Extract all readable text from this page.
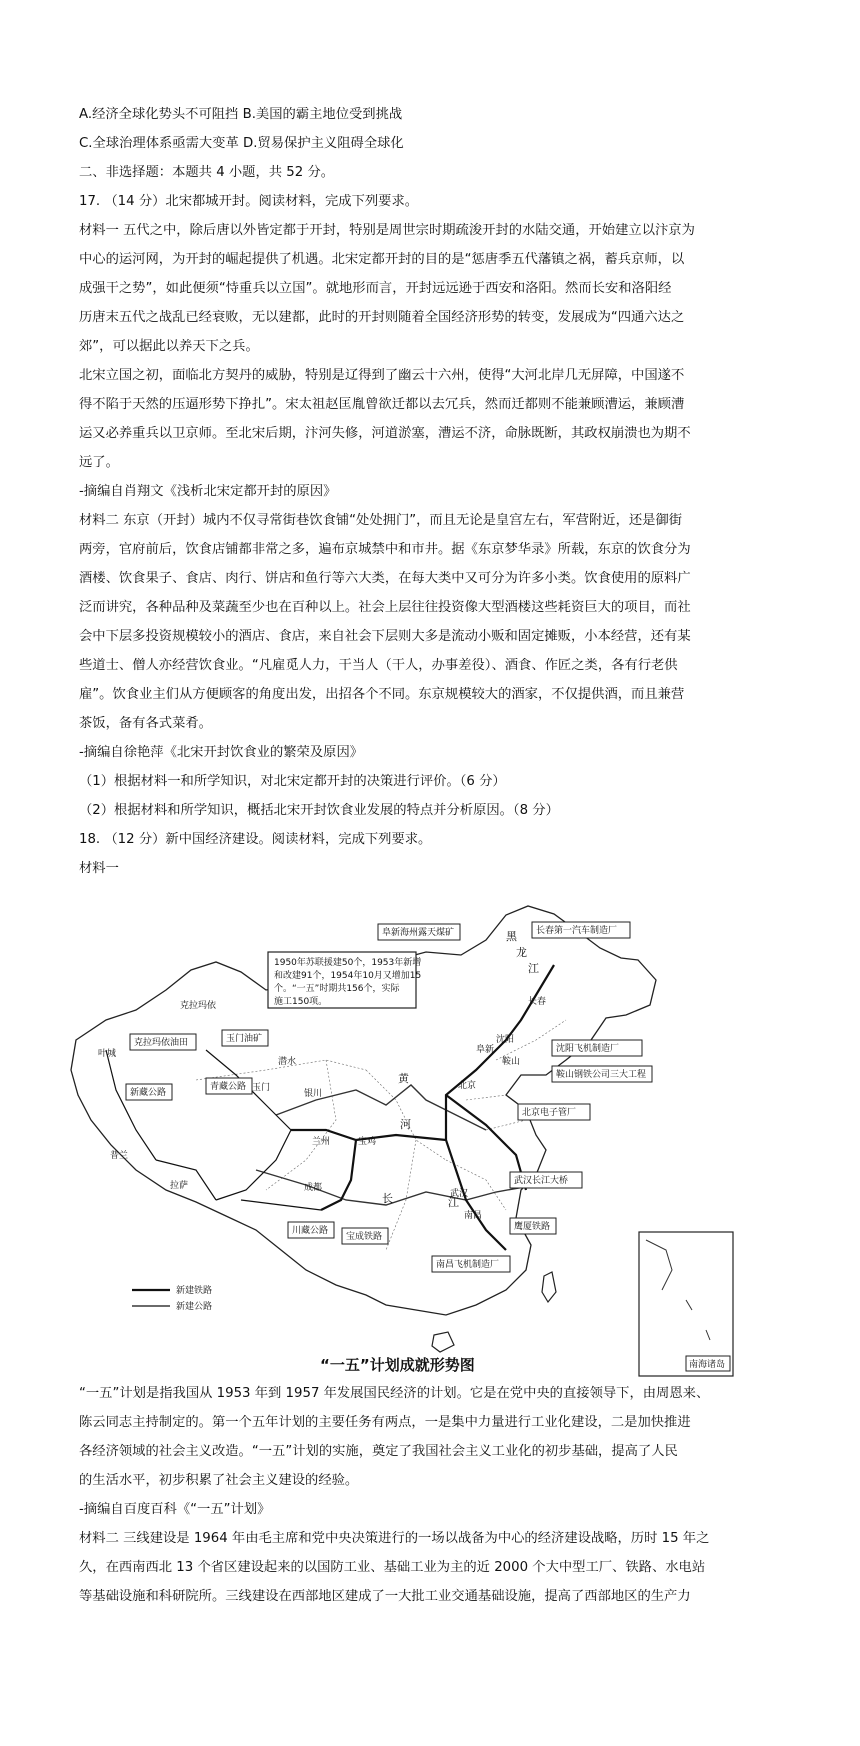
A.经济全球化势头不可阻挡 B.美国的霸主地位受到挑战
C.全球治理体系亟需大变革 D.贸易保护主义阻碍全球化
二、非选择题：本题共 4 小题，共 52 分。
17. （14 分）北宋都城开封。阅读材料，完成下列要求。
材料一 五代之中，除后唐以外皆定都于开封，特别是周世宗时期疏浚开封的水陆交通，开始建立以汴京为
中心的运河网，为开封的崛起提供了机遇。北宋定都开封的目的是“惩唐季五代藩镇之祸，蓄兵京师，以
成强干之势”，如此便须“恃重兵以立国”。就地形而言，开封远远逊于西安和洛阳。然而长安和洛阳经
历唐末五代之战乱已经衰败，无以建都，此时的开封则随着全国经济形势的转变，发展成为“四通六达之
郊”，可以据此以养天下之兵。
北宋立国之初，面临北方契丹的威胁，特别是辽得到了幽云十六州，使得“大河北岸几无屏障，中国遂不
得不陷于天然的压逼形势下挣扎”。宋太祖赵匡胤曾欲迁都以去冗兵，然而迁都则不能兼顾漕运，兼顾漕
运又必养重兵以卫京师。至北宋后期，汴河失修，河道淤塞，漕运不济，命脉既断，其政权崩溃也为期不
远了。
-摘编自肖翔文《浅析北宋定都开封的原因》
材料二 东京（开封）城内不仅寻常街巷饮食铺“处处拥门”，而且无论是皇宫左右，军营附近，还是御街
两旁，官府前后，饮食店铺都非常之多，遍布京城禁中和市井。据《东京梦华录》所载，东京的饮食分为
酒楼、饮食果子、食店、肉行、饼店和鱼行等六大类，在每大类中又可分为许多小类。饮食使用的原料广
泛而讲究，各种品种及菜蔬至少也在百种以上。社会上层往往投资像大型酒楼这些耗资巨大的项目，而社
会中下层多投资规模较小的酒店、食店，来自社会下层则大多是流动小贩和固定摊贩，小本经营，还有某
些道士、僧人亦经营饮食业。“凡雇觅人力，干当人（干人，办事差役）、酒食、作匠之类，各有行老供
雇”。饮食业主们从方便顾客的角度出发，出招各个不同。东京规模较大的酒家，不仅提供酒，而且兼营
茶饭，备有各式菜肴。
-摘编自徐艳萍《北宋开封饮食业的繁荣及原因》
（1）根据材料一和所学知识，对北宋定都开封的决策进行评价。（6 分）
（2）根据材料和所学知识，概括北宋开封饮食业发展的特点并分析原因。（8 分）
18. （12 分）新中国经济建设。阅读材料，完成下列要求。
材料一
1950年苏联援建50个，1953年新增
和改建91个，1954年10月又增加15
个。“一五”时期共156个，实际
施工150项。
阜新海州露天煤矿	长春第一汽车制造厂
克拉玛依油田	玉门油矿
新藏公路
青藏公路
沈阳飞机制造厂
鞍山钢铁公司三大工程
北京电子管厂
武汉长江大桥
川藏公路
宝成铁路
鹰厦铁路
南昌飞机制造厂
南海诸岛
克拉玛依
叶城
普兰
玉门
潜水
银川
兰州	宝鸡
成都
拉萨
武汉
南昌
北京
阜新
沈阳
长春
鞍山
黄
河
长	江
黑
龙
江
新建铁路
新建公路
“一五”计划成就形势图
“一五”计划是指我国从 1953 年到 1957 年发展国民经济的计划。它是在党中央的直接领导下，由周恩来、
陈云同志主持制定的。第一个五年计划的主要任务有两点，一是集中力量进行工业化建设，二是加快推进
各经济领域的社会主义改造。“一五”计划的实施，奠定了我国社会主义工业化的初步基础，提高了人民
的生活水平，初步积累了社会主义建设的经验。
-摘编自百度百科《“一五”计划》
材料二 三线建设是 1964 年由毛主席和党中央决策进行的一场以战备为中心的经济建设战略，历时 15 年之
久，在西南西北 13 个省区建设起来的以国防工业、基础工业为主的近 2000 个大中型工厂、铁路、水电站
等基础设施和科研院所。三线建设在西部地区建成了一大批工业交通基础设施，提高了西部地区的生产力
